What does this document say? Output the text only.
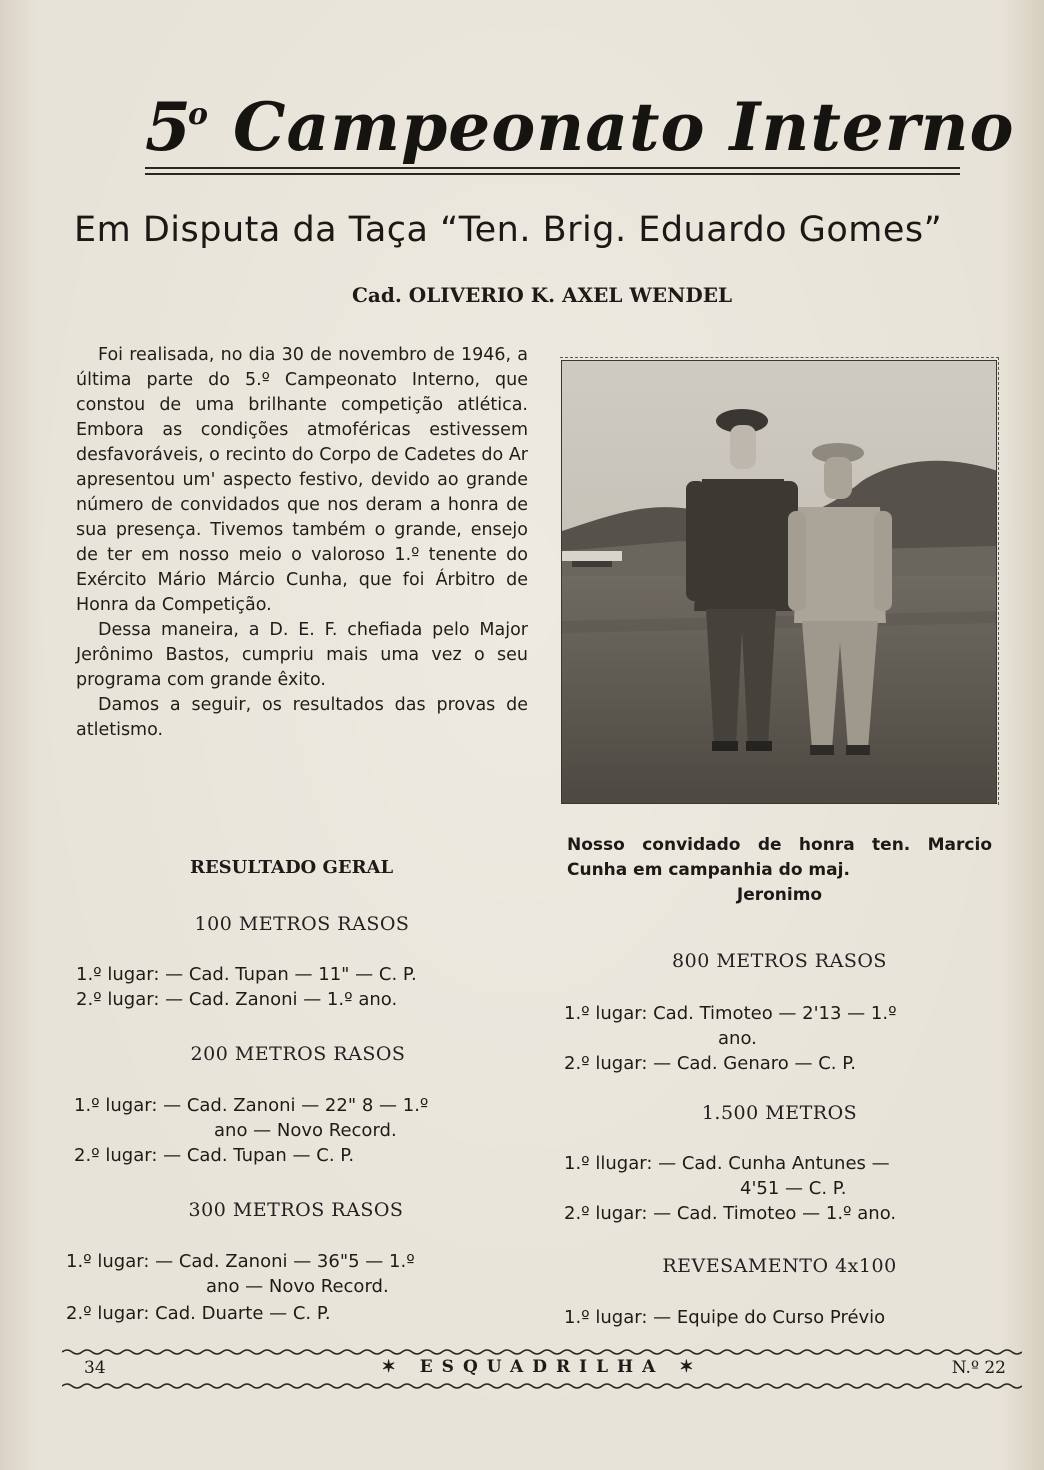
5$^o$ Campeonato Interno
Em Disputa da Taça “Ten. Brig. Eduardo Gomes”
Cad. OLIVERIO K. AXEL WENDEL

Foi realisada, no dia 30 de novembro de 1946, a última parte do 5.º Campeonato Interno, que constou de uma brilhante competição atlética. Embora as condições atmoféricas estivessem desfavoráveis, o recinto do Corpo de Cadetes do Ar apresentou um' aspecto festivo, devido ao grande número de convidados que nos deram a honra de sua presença. Tivemos também o grande, ensejo de ter em nosso meio o valoroso 1.º tenente do Exército Mário Márcio Cunha, que foi Árbitro de Honra da Competição.

Dessa maneira, a D. E. F. chefiada pelo Major Jerônimo Bastos, cumpriu mais uma vez o seu programa com grande êxito.

Damos a seguir, os resultados das provas de atletismo.

Nosso convidado de honra ten. Marcio Cunha em campanhia do maj.
Jeronimo
RESULTADO GERAL
100 METROS RASOS
1.º lugar: — Cad. Tupan — 11" — C. P.
2.º lugar: — Cad. Zanoni — 1.º ano.
200 METROS RASOS
1.º lugar: — Cad. Zanoni — 22" 8 — 1.º
ano — Novo Record.
2.º lugar: — Cad. Tupan — C. P.
300 METROS RASOS
1.º lugar: — Cad. Zanoni — 36"5 — 1.º
ano — Novo Record.
2.º lugar: Cad. Duarte — C. P.
800 METROS RASOS
1.º lugar: Cad. Timoteo — 2'13 — 1.º
ano.
2.º lugar: — Cad. Genaro — C. P.
1.500 METROS
1.º llugar: — Cad. Cunha Antunes —
4'51 — C. P.
2.º lugar: — Cad. Timoteo — 1.º ano.
REVESAMENTO 4x100
1.º lugar: — Equipe do Curso Prévio
34	✶ ESQUADRILHA ✶	N.º 22
